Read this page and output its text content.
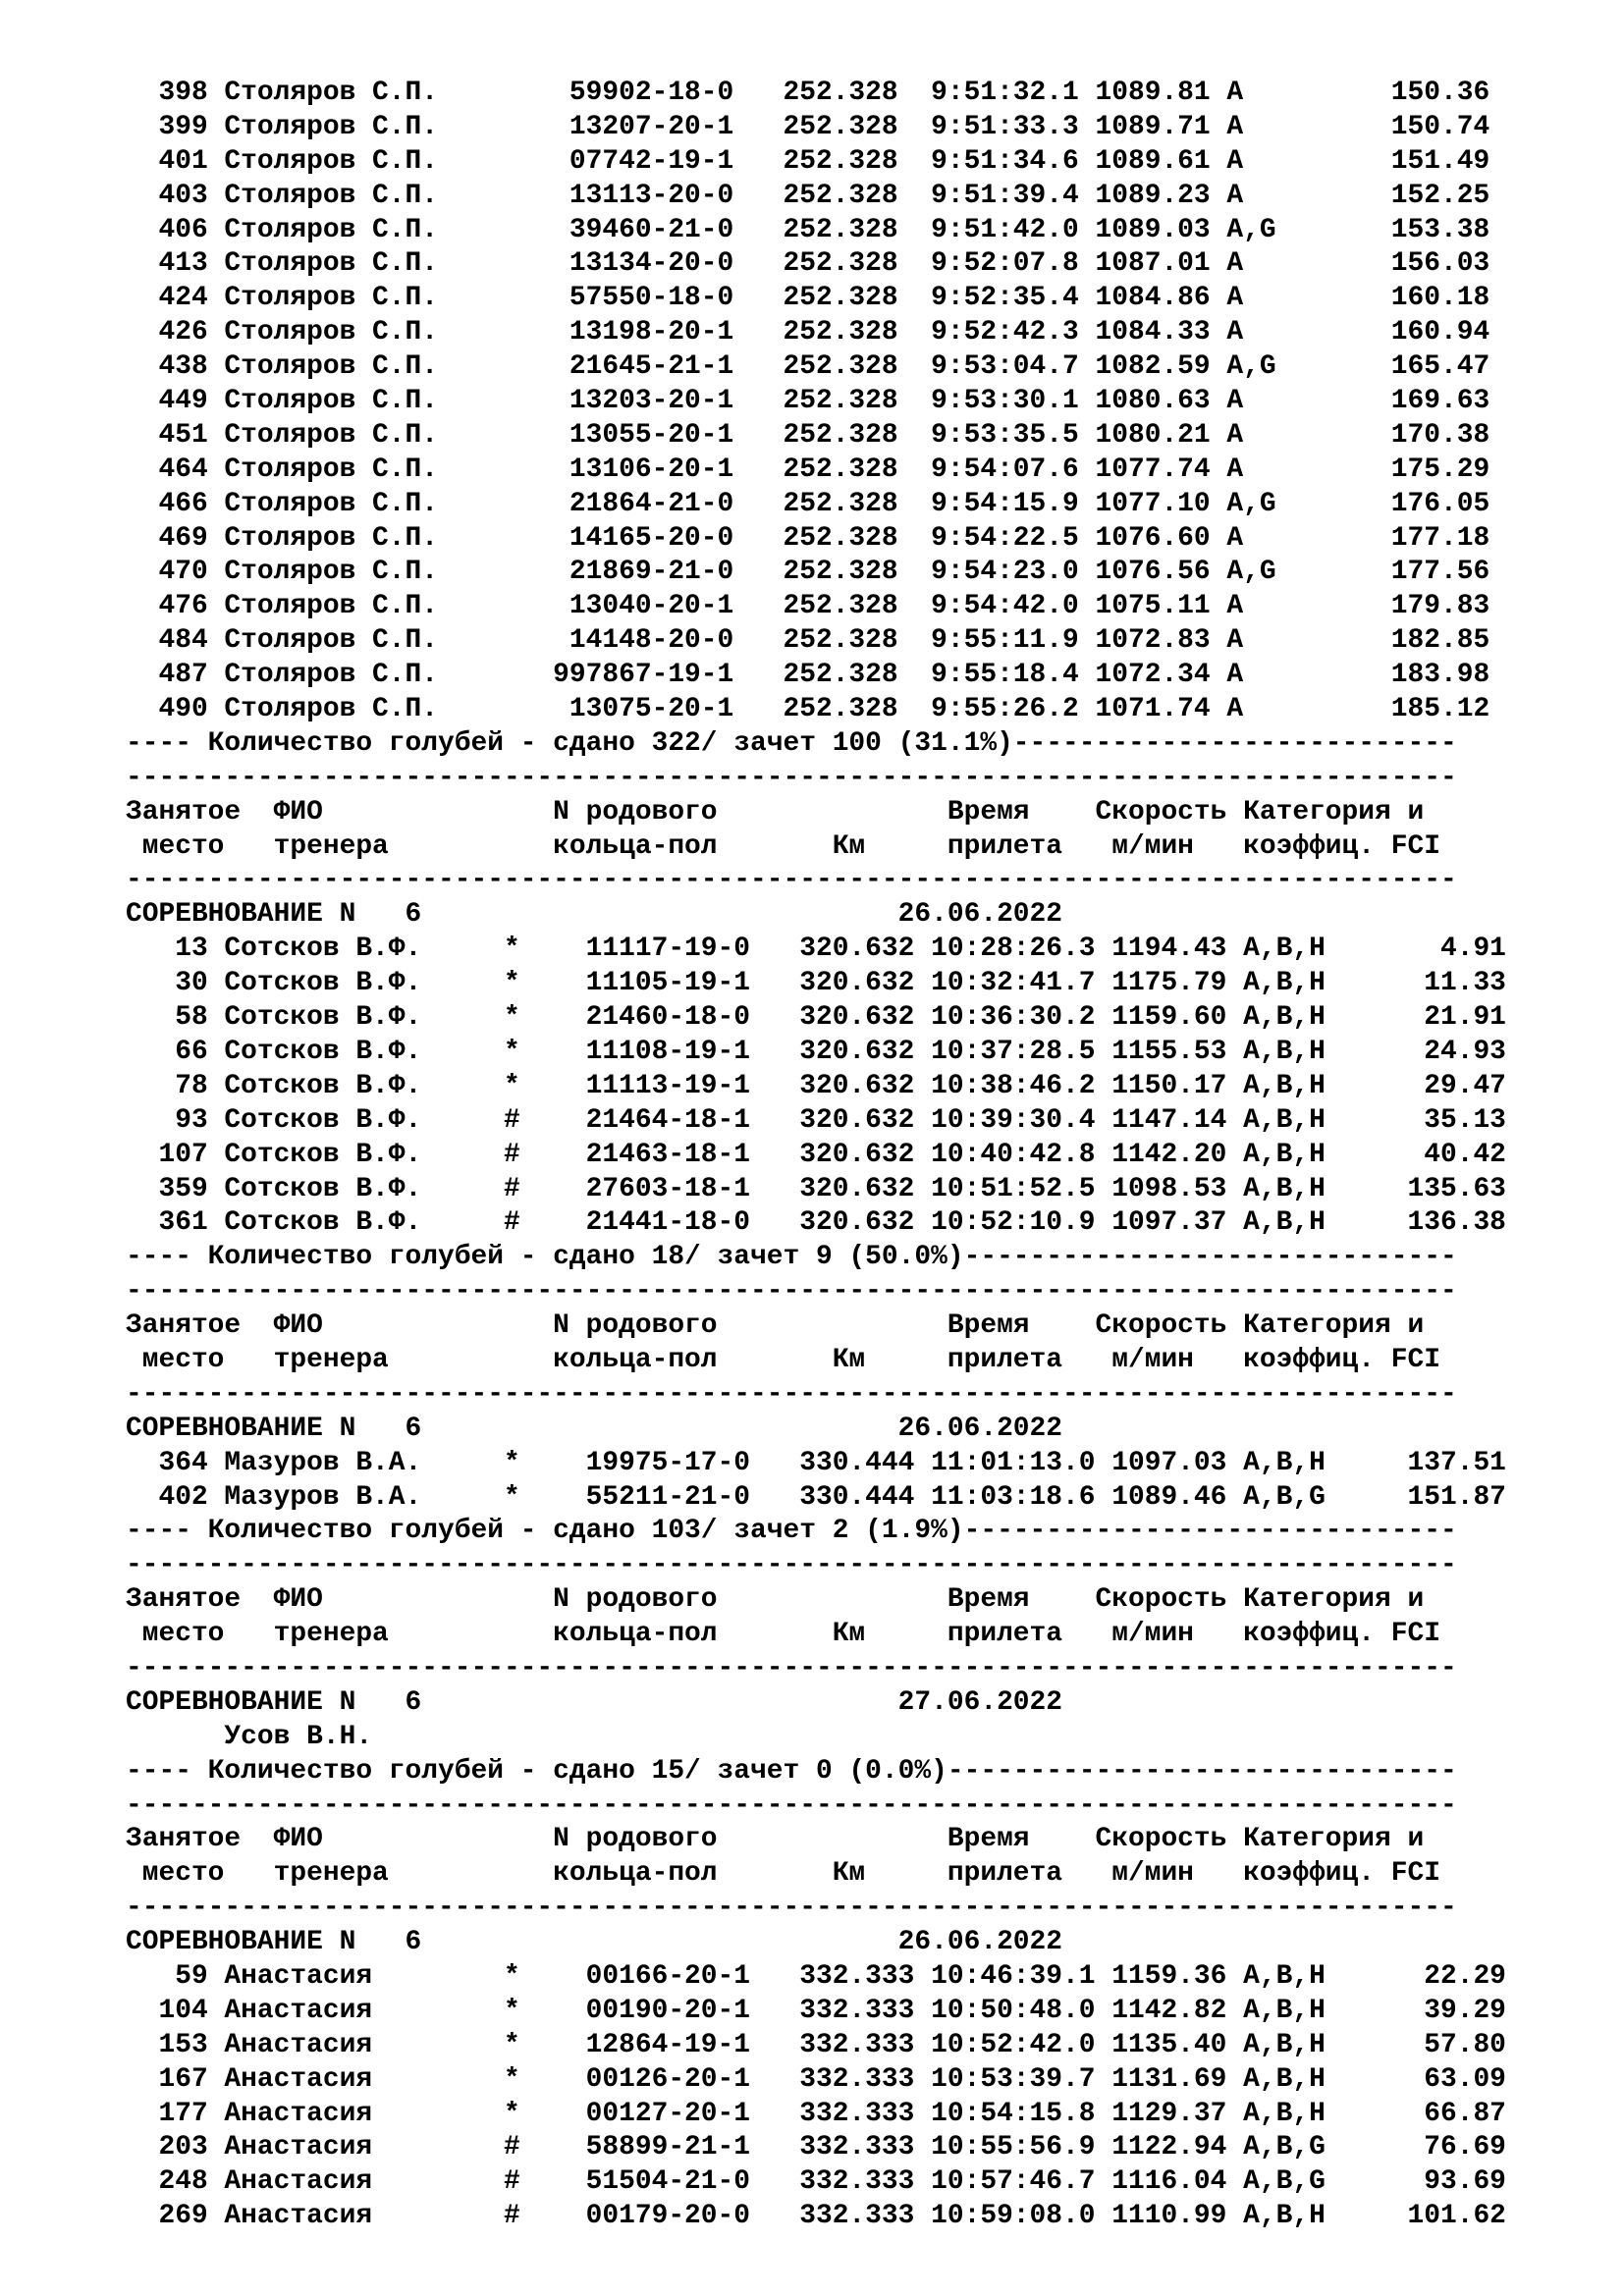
398 Столяров С.П.        59902-18-0   252.328  9:51:32.1 1089.81 A         150.36
399 Столяров С.П.        13207-20-1   252.328  9:51:33.3 1089.71 A         150.74
401 Столяров С.П.        07742-19-1   252.328  9:51:34.6 1089.61 A         151.49
403 Столяров С.П.        13113-20-0   252.328  9:51:39.4 1089.23 A         152.25
406 Столяров С.П.        39460-21-0   252.328  9:51:42.0 1089.03 A,G       153.38
413 Столяров С.П.        13134-20-0   252.328  9:52:07.8 1087.01 A         156.03
424 Столяров С.П.        57550-18-0   252.328  9:52:35.4 1084.86 A         160.18
426 Столяров С.П.        13198-20-1   252.328  9:52:42.3 1084.33 A         160.94
438 Столяров С.П.        21645-21-1   252.328  9:53:04.7 1082.59 A,G       165.47
449 Столяров С.П.        13203-20-1   252.328  9:53:30.1 1080.63 A         169.63
451 Столяров С.П.        13055-20-1   252.328  9:53:35.5 1080.21 A         170.38
464 Столяров С.П.        13106-20-1   252.328  9:54:07.6 1077.74 A         175.29
466 Столяров С.П.        21864-21-0   252.328  9:54:15.9 1077.10 A,G       176.05
469 Столяров С.П.        14165-20-0   252.328  9:54:22.5 1076.60 A         177.18
470 Столяров С.П.        21869-21-0   252.328  9:54:23.0 1076.56 A,G       177.56
476 Столяров С.П.        13040-20-1   252.328  9:54:42.0 1075.11 A         179.83
484 Столяров С.П.        14148-20-0   252.328  9:55:11.9 1072.83 A         182.85
487 Столяров С.П.       997867-19-1   252.328  9:55:18.4 1072.34 A         183.98
490 Столяров С.П.        13075-20-1   252.328  9:55:26.2 1071.74 A         185.12
---- Количество голубей - сдано 322/ зачет 100 (31.1%)---------------------------
---------------------------------------------------------------------------------
Занятое  ФИО              N родового              Время    Скорость Категория и
место   тренера          кольца-пол       Км     прилета   м/мин   коэффиц. FCI
---------------------------------------------------------------------------------
СОРЕВНОВАНИЕ N   6                             26.06.2022
13 Сотсков В.Ф.     *    11117-19-0   320.632 10:28:26.3 1194.43 A,B,H       4.91
30 Сотсков В.Ф.     *    11105-19-1   320.632 10:32:41.7 1175.79 A,B,H      11.33
58 Сотсков В.Ф.     *    21460-18-0   320.632 10:36:30.2 1159.60 A,B,H      21.91
66 Сотсков В.Ф.     *    11108-19-1   320.632 10:37:28.5 1155.53 A,B,H      24.93
78 Сотсков В.Ф.     *    11113-19-1   320.632 10:38:46.2 1150.17 A,B,H      29.47
93 Сотсков В.Ф.     #    21464-18-1   320.632 10:39:30.4 1147.14 A,B,H      35.13
107 Сотсков В.Ф.     #    21463-18-1   320.632 10:40:42.8 1142.20 A,B,H      40.42
359 Сотсков В.Ф.     #    27603-18-1   320.632 10:51:52.5 1098.53 A,B,H     135.63
361 Сотсков В.Ф.     #    21441-18-0   320.632 10:52:10.9 1097.37 A,B,H     136.38
---- Количество голубей - сдано 18/ зачет 9 (50.0%)------------------------------
---------------------------------------------------------------------------------
Занятое  ФИО              N родового              Время    Скорость Категория и
место   тренера          кольца-пол       Км     прилета   м/мин   коэффиц. FCI
---------------------------------------------------------------------------------
СОРЕВНОВАНИЕ N   6                             26.06.2022
364 Мазуров В.А.     *    19975-17-0   330.444 11:01:13.0 1097.03 A,B,H     137.51
402 Мазуров В.А.     *    55211-21-0   330.444 11:03:18.6 1089.46 A,B,G     151.87
---- Количество голубей - сдано 103/ зачет 2 (1.9%)------------------------------
---------------------------------------------------------------------------------
Занятое  ФИО              N родового              Время    Скорость Категория и
место   тренера          кольца-пол       Км     прилета   м/мин   коэффиц. FCI
---------------------------------------------------------------------------------
СОРЕВНОВАНИЕ N   6                             27.06.2022
Усов В.Н.
---- Количество голубей - сдано 15/ зачет 0 (0.0%)-------------------------------
---------------------------------------------------------------------------------
Занятое  ФИО              N родового              Время    Скорость Категория и
место   тренера          кольца-пол       Км     прилета   м/мин   коэффиц. FCI
---------------------------------------------------------------------------------
СОРЕВНОВАНИЕ N   6                             26.06.2022
59 Анастасия        *    00166-20-1   332.333 10:46:39.1 1159.36 A,B,H      22.29
104 Анастасия        *    00190-20-1   332.333 10:50:48.0 1142.82 A,B,H      39.29
153 Анастасия        *    12864-19-1   332.333 10:52:42.0 1135.40 A,B,H      57.80
167 Анастасия        *    00126-20-1   332.333 10:53:39.7 1131.69 A,B,H      63.09
177 Анастасия        *    00127-20-1   332.333 10:54:15.8 1129.37 A,B,H      66.87
203 Анастасия        #    58899-21-1   332.333 10:55:56.9 1122.94 A,B,G      76.69
248 Анастасия        #    51504-21-0   332.333 10:57:46.7 1116.04 A,B,G      93.69
269 Анастасия        #    00179-20-0   332.333 10:59:08.0 1110.99 A,B,H     101.62
